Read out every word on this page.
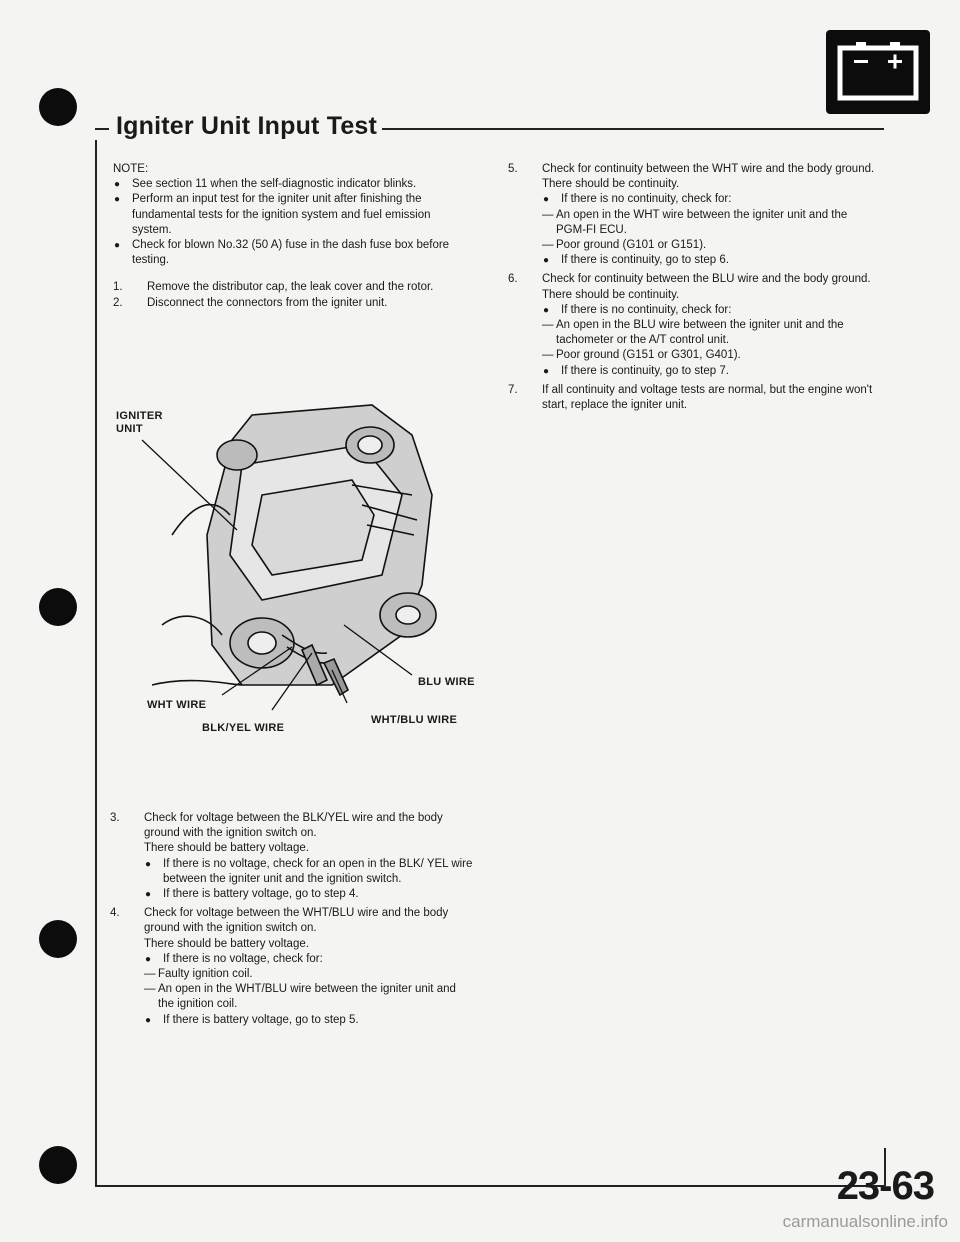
Igniter Unit Input Test

NOTE:

● See section 11 when the self-diagnostic indicator blinks.

● Perform an input test for the igniter unit after finishing the fundamental tests for the ignition system and fuel emission system.

● Check for blown No.32 (50 A) fuse in the dash fuse box before testing.

1. Remove the distributor cap, the leak cover and the rotor.

2. Disconnect the connectors from the igniter unit.

IGNITER
UNIT
BLU WIRE
WHT WIRE
WHT/BLU WIRE
BLK/YEL WIRE
3. Check for voltage between the BLK/YEL wire and the body ground with the ignition switch on.

There should be battery voltage.

● If there is no voltage, check for an open in the BLK/ YEL wire between the igniter unit and the ignition switch.

● If there is battery voltage, go to step 4.

4. Check for voltage between the WHT/BLU wire and the body ground with the ignition switch on.

There should be battery voltage.

● If there is no voltage, check for:

— Faulty ignition coil.

— An open in the WHT/BLU wire between the igniter unit and the ignition coil.

● If there is battery voltage, go to step 5.

5. Check for continuity between the WHT wire and the body ground.

There should be continuity.

● If there is no continuity, check for:

— An open in the WHT wire between the igniter unit and the PGM-FI ECU.

— Poor ground (G101 or G151).

● If there is continuity, go to step 6.

6. Check for continuity between the BLU wire and the body ground.

There should be continuity.

● If there is no continuity, check for:

— An open in the BLU wire between the igniter unit and the tachometer or the A/T control unit.

— Poor ground (G151 or G301, G401).

● If there is continuity, go to step 7.

7. If all continuity and voltage tests are normal, but the engine won't start, replace the igniter unit.

23-63
carmanualsonline.info
